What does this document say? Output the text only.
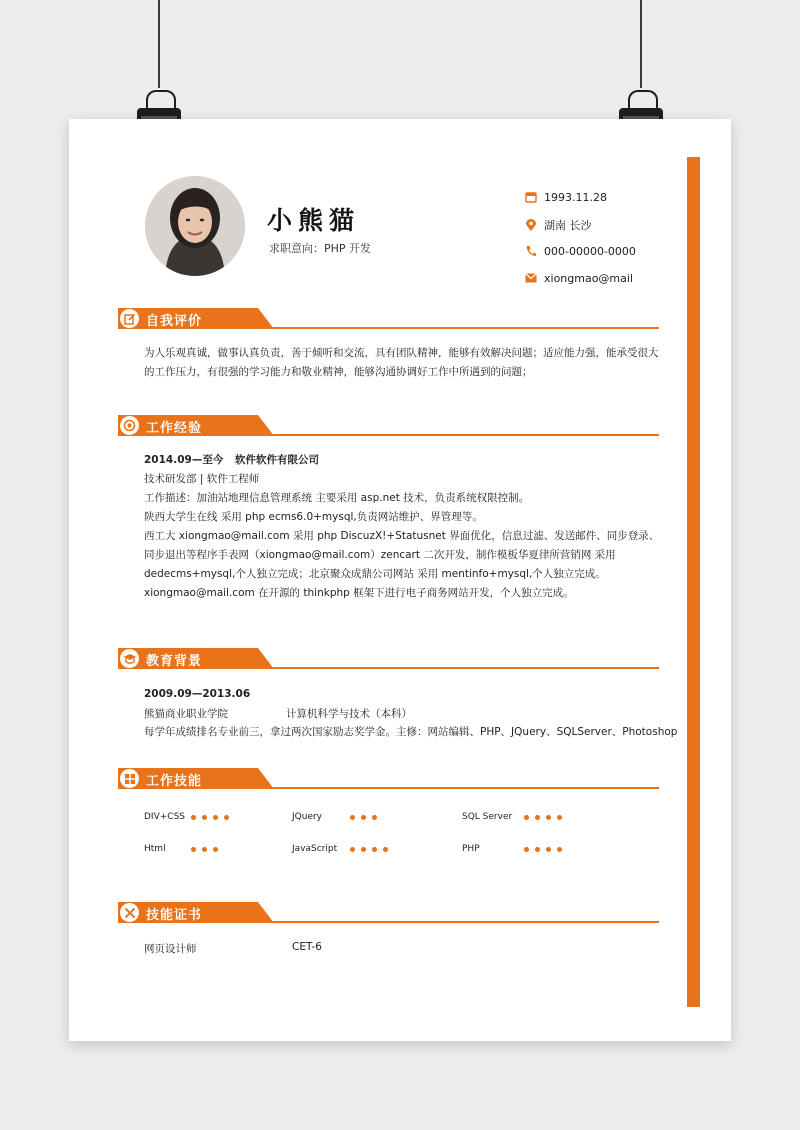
小熊猫
求职意向：PHP 开发
1993.11.28
湖南 长沙
000-00000-0000
xiongmao@mail
自我评价
为人乐观真诚，做事认真负责，善于倾听和交流，具有团队精神，能够有效解决问题；适应能力强，能承受很大的工作压力，有很强的学习能力和敬业精神，能够沟通协调好工作中所遇到的问题；
工作经验
2014.09—至今 软件软件有限公司
技术研发部 | 软件工程师
工作描述：加油站地理信息管理系统 主要采用 asp.net 技术，负责系统权限控制。
陕西大学生在线 采用 php ecms6.0+mysql,负责网站维护、界管理等。
西工大 xiongmao@mail.com 采用 php DiscuzX!+Statusnet 界面优化，信息过滤、发送邮件、同步登录、
同步退出等程序手表网（xiongmao@mail.com）zencart 二次开发，制作模板华夏律所营销网 采用
dedecms+mysql,个人独立完成；北京聚众成鼎公司网站 采用 mentinfo+mysql,个人独立完成。
xiongmao@mail.com 在开源的 thinkphp 框架下进行电子商务网站开发，个人独立完成。
教育背景
2009.09—2013.06
熊猫商业职业学院	计算机科学与技术（本科）
每学年成绩排名专业前三，拿过两次国家励志奖学金。主修：网站编辑、PHP、JQuery、SQLServer、Photoshop
工作技能
DIV+CSS	JQuery	SQL Server
Html	JavaScript	PHP
技能证书
网页设计师	CET-6
